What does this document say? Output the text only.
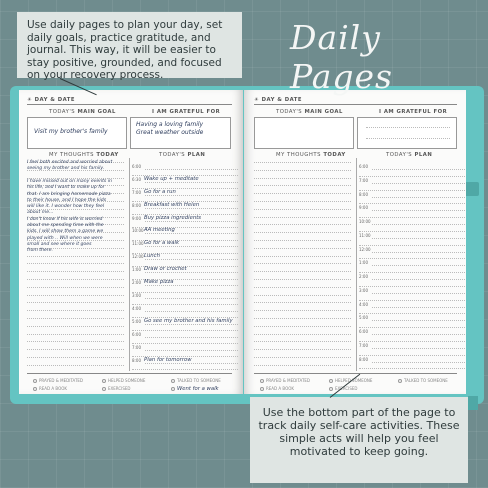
☀ DAY & DATE
TODAY'S MAIN GOAL	I AM GRATEFUL FOR
Visit my brother's family
Having a loving family
Great weather outside
MY THOUGHTS TODAY	TODAY'S PLAN
I feel both excited and worried about
seeing my brother and his family.
I have missed out on many events in
his life, and I want to make up for
that. I am bringing homemade pizza
to their house, and I hope the kids
will like it. I wonder how they feel
about me...
I don't know if his wife is worried
about me spending time with the
kids. I will show them a game we
played with .. Will when we were
small and see where it goes
from there.
6:00
6:30 Wake up + meditate
7:00 Go for a run
8:00 Breakfast with Helen
9:00 Buy pizza ingredients
10:00 AA meeting
11:00 Go for a walk
12:00 Lunch
1:00 Draw or crochet
2:00 Make pizza
3:00
4:00
5:00 Go see my brother and his family
6:00
7:00
8:00 Plan for tomorrow
PRAYED & MEDITATED	HELPED SOMEONE	TALKED TO SOMEONE
READ A BOOK	EXERCISED	Went for a walk
☀ DAY & DATE
TODAY'S MAIN GOAL	I AM GRATEFUL FOR
MY THOUGHTS TODAY	TODAY'S PLAN
6:00
7:00
8:00
9:00
10:00
11:00
12:00
1:00
2:00
3:00
4:00
5:00
6:00
7:00
8:00
PRAYED & MEDITATED	HELPED SOMEONE	TALKED TO SOMEONE
READ A BOOK	EXERCISED
Use daily pages to plan your day, set daily goals, practice gratitude, and journal. This way, it will be easier to stay positive, grounded, and focused on your recovery process.
Daily Pages
Use the bottom part of the page to track daily self-care activities. These simple acts will help you feel motivated to keep going.
